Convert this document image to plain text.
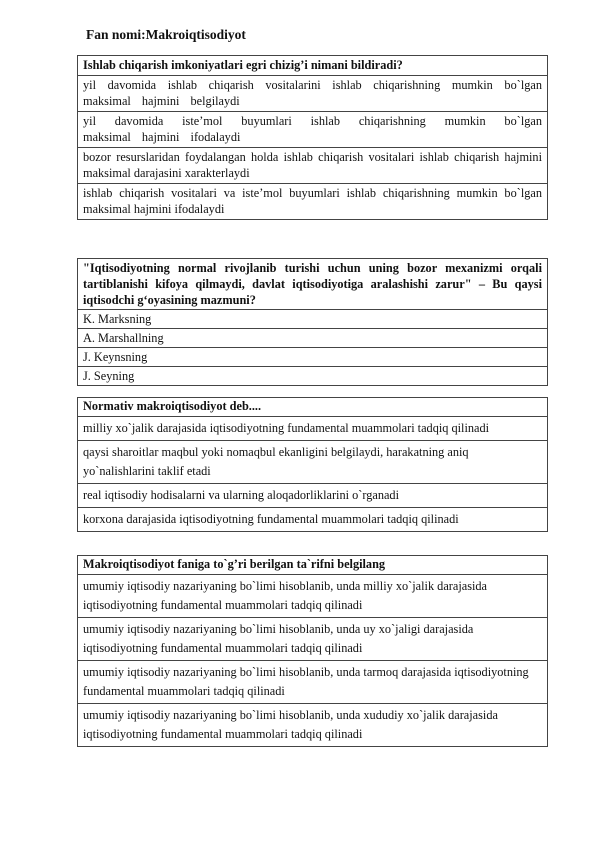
Fan nomi:Makroiqtisodiyot
Ishlab chiqarish imkoniyatlari egri chizig’i nimani bildiradi?
yil davomida ishlab chiqarish vositalarini ishlab chiqarishning mumkin bo`lgan maksimal hajmini belgilaydi
yil davomida iste’mol buyumlari ishlab chiqarishning mumkin bo`lgan maksimal hajmini ifodalaydi
bozor resurslaridan foydalangan holda ishlab chiqarish vositalari ishlab chiqarish hajmini maksimal darajasini xarakterlaydi
ishlab chiqarish vositalari va iste’mol buyumlari ishlab chiqarishning mumkin bo`lgan maksimal hajmini ifodalaydi
"Iqtisodiyotning normal rivojlanib turishi uchun uning bozor mexanizmi orqali tartiblanishi kifoya qilmaydi, davlat iqtisodiyotiga aralashishi zarur" – Bu qaysi iqtisodchi g‘oyasining mazmuni?
K. Marksning
A. Marshallning
J. Keynsning
J. Seyning
Normativ makroiqtisodiyot deb....
milliy xo`jalik darajasida iqtisodiyotning fundamental muammolari tadqiq qilinadi
qaysi sharoitlar maqbul yoki nomaqbul ekanligini belgilaydi, harakatning aniq yo`nalishlarini taklif etadi
real iqtisodiy hodisalarni va ularning aloqadorliklarini o`rganadi
korxona darajasida iqtisodiyotning fundamental muammolari tadqiq qilinadi
Makroiqtisodiyot faniga to`g’ri berilgan ta`rifni belgilang
umumiy iqtisodiy nazariyaning bo`limi hisoblanib, unda milliy xo`jalik darajasida iqtisodiyotning fundamental muammolari tadqiq qilinadi
umumiy iqtisodiy nazariyaning bo`limi hisoblanib, unda uy xo`jaligi darajasida iqtisodiyotning fundamental muammolari tadqiq qilinadi
umumiy iqtisodiy nazariyaning bo`limi hisoblanib, unda tarmoq darajasida iqtisodiyotning fundamental muammolari tadqiq qilinadi
umumiy iqtisodiy nazariyaning bo`limi hisoblanib, unda xududiy xo`jalik darajasida iqtisodiyotning fundamental muammolari tadqiq qilinadi
